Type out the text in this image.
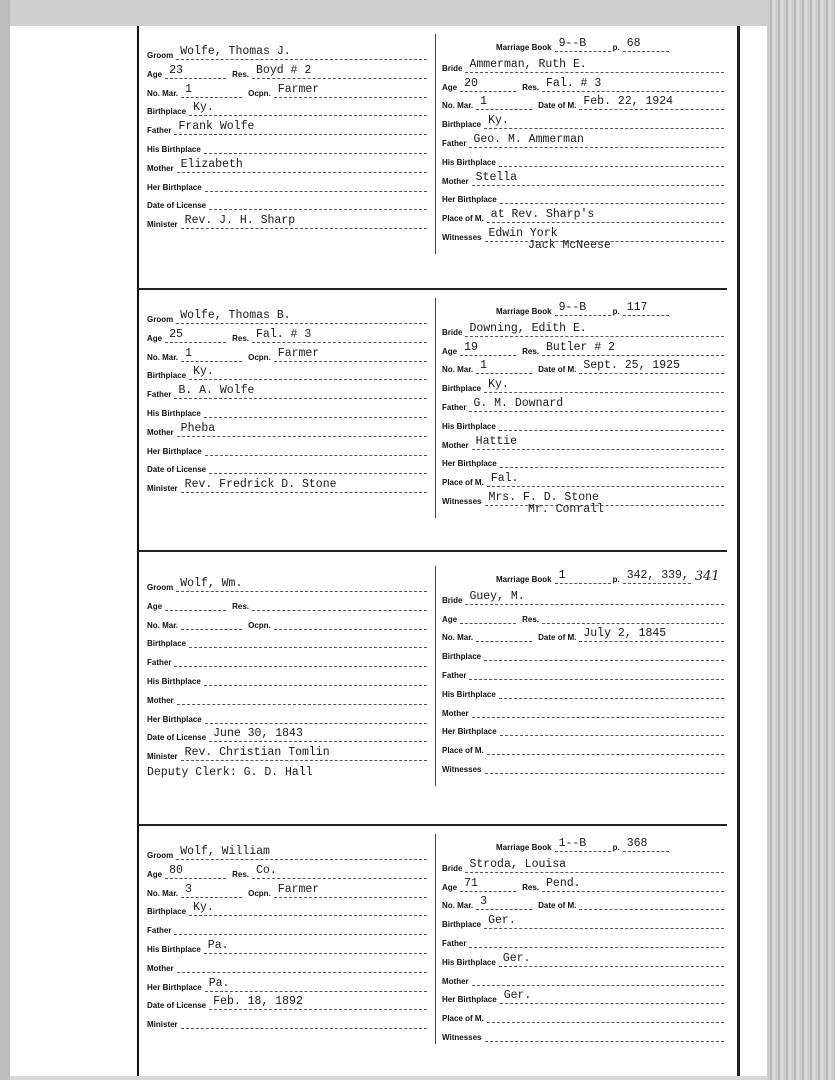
Groom Wolfe, Thomas J.
Age 23	Res. Boyd # 2
No. Mar. 1	Ocpn. Farmer
Birthplace Ky.
Father Frank Wolfe
His Birthplace
Mother Elizabeth
Her Birthplace
Date of License
Minister Rev. J. H. Sharp
Marriage Book 9--B	p. 68
Bride Ammerman, Ruth E.
Age 20	Res. Fal. # 3
No. Mar. 1	Date of M. Feb. 22, 1924
Birthplace Ky.
Father Geo. M. Ammerman
His Birthplace
Mother Stella
Her Birthplace
Place of M. at Rev. Sharp's
Witnesses Edwin York
Jack McNeese
Groom Wolfe, Thomas B.
Age 25	Res. Fal. # 3
No. Mar. 1	Ocpn. Farmer
Birthplace Ky.
Father B. A. Wolfe
His Birthplace
Mother Pheba
Her Birthplace
Date of License
Minister Rev. Fredrick D. Stone
Marriage Book 9--B	p. 117
Bride Downing, Edith E.
Age 19	Res. Butler # 2
No. Mar. 1	Date of M. Sept. 25, 1925
Birthplace Ky.
Father G. M. Downard
His Birthplace
Mother Hattie
Her Birthplace
Place of M. Fal.
Witnesses Mrs. F. D. Stone
Mr. Conrall
Groom Wolf, Wm.
Age	Res.
No. Mar.	Ocpn.
Birthplace
Father
His Birthplace
Mother
Her Birthplace
Date of License June 30, 1843
Minister Rev. Christian Tomlin
Deputy Clerk: G. D. Hall
Marriage Book 1	p. 342, 339, 341
Bride Guey, M.
Age	Res.
No. Mar.	Date of M. July 2, 1845
Birthplace
Father
His Birthplace
Mother
Her Birthplace
Place of M.
Witnesses
Groom Wolf, William
Age 80	Res. Co.
No. Mar. 3	Ocpn. Farmer
Birthplace Ky.
Father
His Birthplace Pa.
Mother
Her Birthplace Pa.
Date of License Feb. 18, 1892
Minister
Marriage Book 1--B	p. 368
Bride Stroda, Louisa
Age 71	Res. Pend.
No. Mar. 3	Date of M.
Birthplace Ger.
Father
His Birthplace Ger.
Mother
Her Birthplace Ger.
Place of M.
Witnesses
